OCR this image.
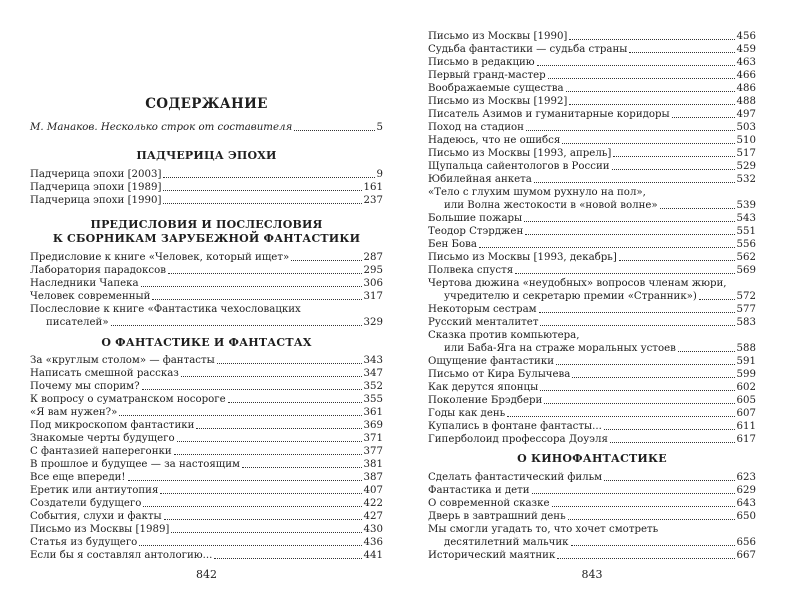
СОДЕРЖАНИЕ
М. Манаков. Несколько строк от составителя	5
ПАДЧЕРИЦА ЭПОХИ
Падчерица эпохи [2003]	9
Падчерица эпохи [1989]	161
Падчерица эпохи [1990]	237
ПРЕДИСЛОВИЯ И ПОСЛЕСЛОВИЯ
К СБОРНИКАМ ЗАРУБЕЖНОЙ ФАНТАСТИКИ
Предисловие к книге «Человек, который ищет»	287
Лаборатория парадоксов	295
Наследники Чапека	306
Человек современный	317
Послесловие к книге «Фантастика чехословацких
писателей»	329
О ФАНТАСТИКЕ И ФАНТАСТАХ
За «круглым столом» — фантасты	343
Написать смешной рассказ	347
Почему мы спорим?	352
К вопросу о суматранском носороге	355
«Я вам нужен?»	361
Под микроскопом фантастики	369
Знакомые черты будущего	371
С фантазией наперегонки	377
В прошлое и будущее — за настоящим	381
Все еще впереди!	387
Еретик или антиутопия	407
Создатели будущего	422
События, слухи и факты	427
Письмо из Москвы [1989]	430
Статья из будущего	436
Если бы я составлял антологию...	441
842
Письмо из Москвы [1990]	456
Судьба фантастики — судьба страны	459
Письмо в редакцию	463
Первый гранд-мастер	466
Воображаемые существа	486
Письмо из Москвы [1992]	488
Писатель Азимов и гуманитарные коридоры	497
Поход на стадион	503
Надеюсь, что не ошибся	510
Письмо из Москвы [1993, апрель]	517
Щупальца сайентологов в России	529
Юбилейная анкета	532
«Тело с глухим шумом рухнуло на пол»,
или Волна жестокости в «новой волне»	539
Большие пожары	543
Теодор Стэрджен	551
Бен Бова	556
Письмо из Москвы [1993, декабрь]	562
Полвека спустя	569
Чертова дюжина «неудобных» вопросов членам жюри,
учредителю и секретарю премии «Странник»)	572
Некоторым сестрам	577
Русский менталитет	583
Сказка против компьютера,
или Баба-Яга на страже моральных устоев	588
Ощущение фантастики	591
Письмо от Кира Булычева	599
Как дерутся японцы	602
Поколение Брэдбери	605
Годы как день	607
Купались в фонтане фантасты...	611
Гиперболоид профессора Доуэля	617
О КИНОФАНТАСТИКЕ
Сделать фантастический фильм	623
Фантастика и дети	629
О современной сказке	643
Дверь в завтрашний день	650
Мы смогли угадать то, что хочет смотреть
десятилетний мальчик	656
Исторический маятник	667
843
